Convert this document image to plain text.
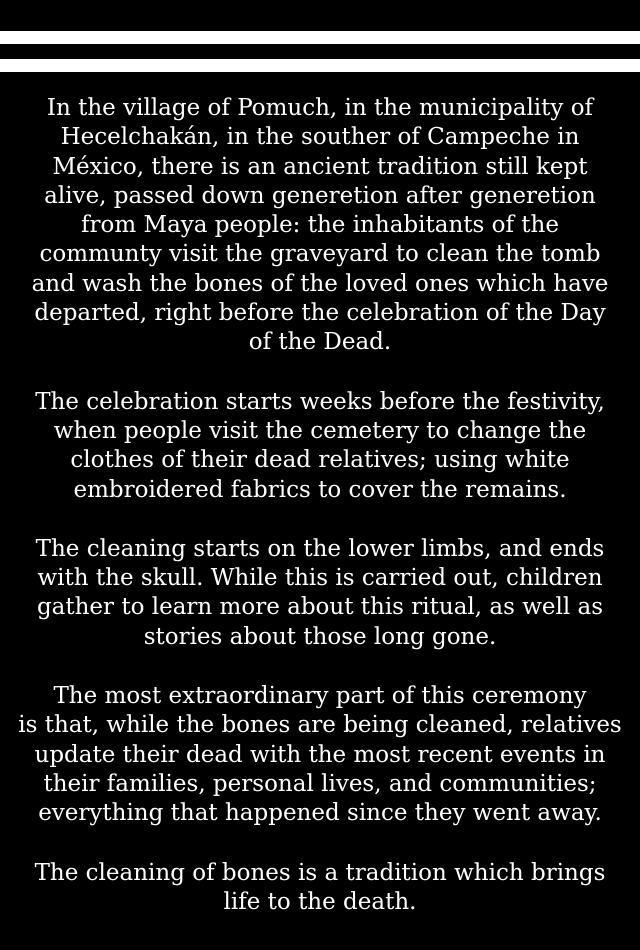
In the village of Pomuch, in the municipality of
Hecelchakán, in the souther of Campeche in
México, there is an ancient tradition still kept
alive, passed down generetion after generetion
from Maya people: the inhabitants of the
communty visit the graveyard to clean the tomb
and wash the bones of the loved ones which have
departed, right before the celebration of the Day
of the Dead.

The celebration starts weeks before the festivity,
when people visit the cemetery to change the
clothes of their dead relatives; using white
embroidered fabrics to cover the remains.

The cleaning starts on the lower limbs, and ends
with the skull. While this is carried out, children
gather to learn more about this ritual, as well as
stories about those long gone.

The most extraordinary part of this ceremony
is that, while the bones are being cleaned, relatives
update their dead with the most recent events in
their families, personal lives, and communities;
everything that happened since they went away.

The cleaning of bones is a tradition which brings
life to the death.
